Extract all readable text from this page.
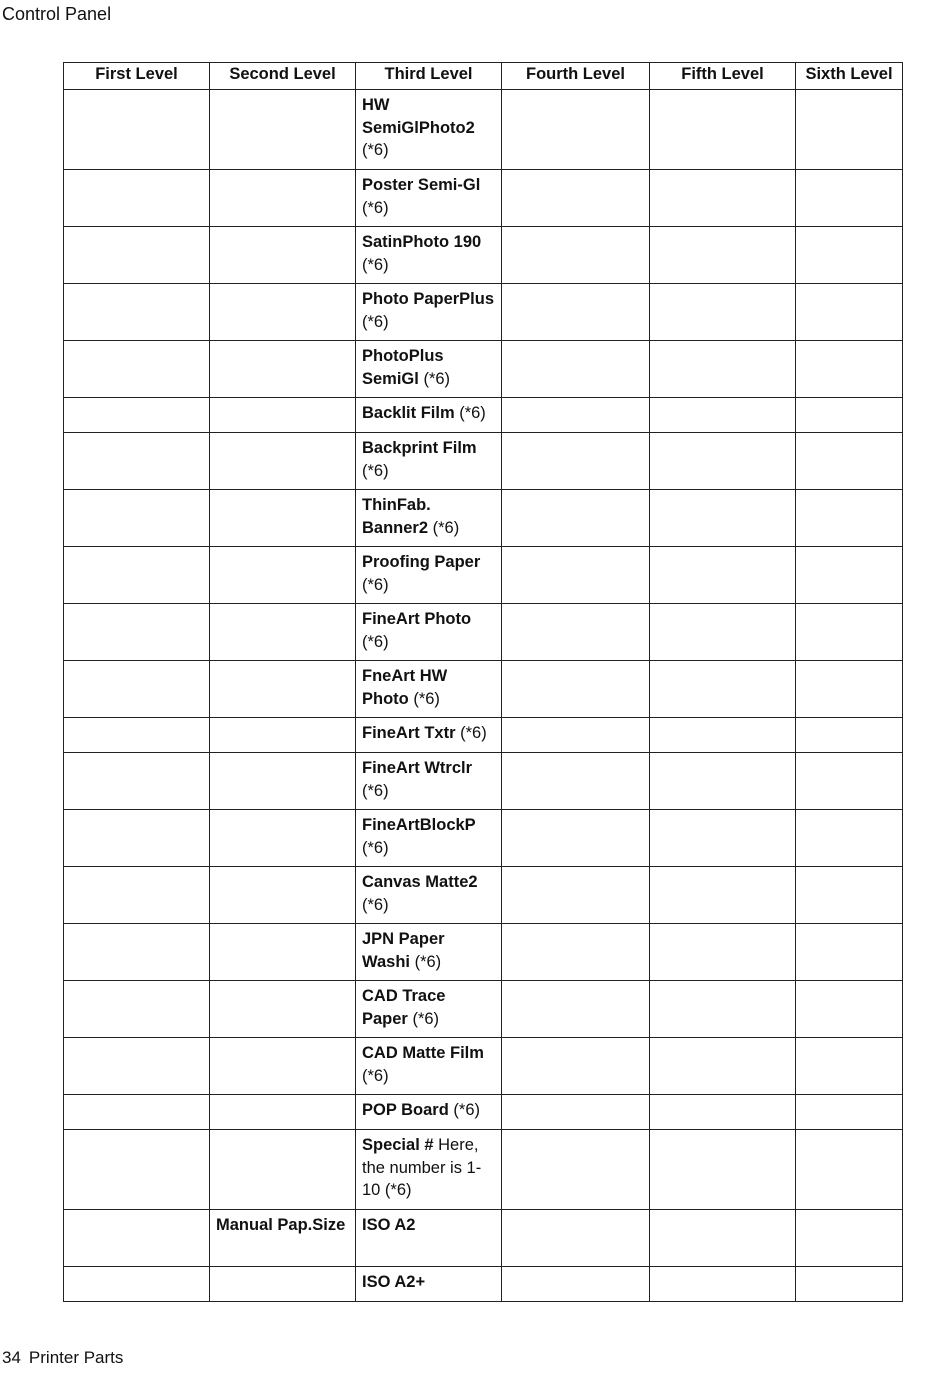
Control Panel
First Level	Second Level	Third Level	Fourth Level	Fifth Level	Sixth Level
		HW SemiGlPhoto2 (*6)			
		Poster Semi-Gl (*6)			
		SatinPhoto 190 (*6)			
		Photo PaperPlus (*6)			
		PhotoPlus SemiGl (*6)			
		Backlit Film (*6)			
		Backprint Film (*6)			
		ThinFab. Banner2 (*6)			
		Proofing Paper (*6)			
		FineArt Photo (*6)			
		FneArt HW Photo (*6)			
		FineArt Txtr (*6)			
		FineArt Wtrclr (*6)			
		FineArtBlockP (*6)			
		Canvas Matte2 (*6)			
		JPN Paper Washi (*6)			
		CAD Trace Paper (*6)			
		CAD Matte Film (*6)			
		POP Board (*6)			
		Special # Here, the number is 1-10 (*6)			
	Manual Pap.Size	ISO A2			
		ISO A2+			
34 Printer Parts
